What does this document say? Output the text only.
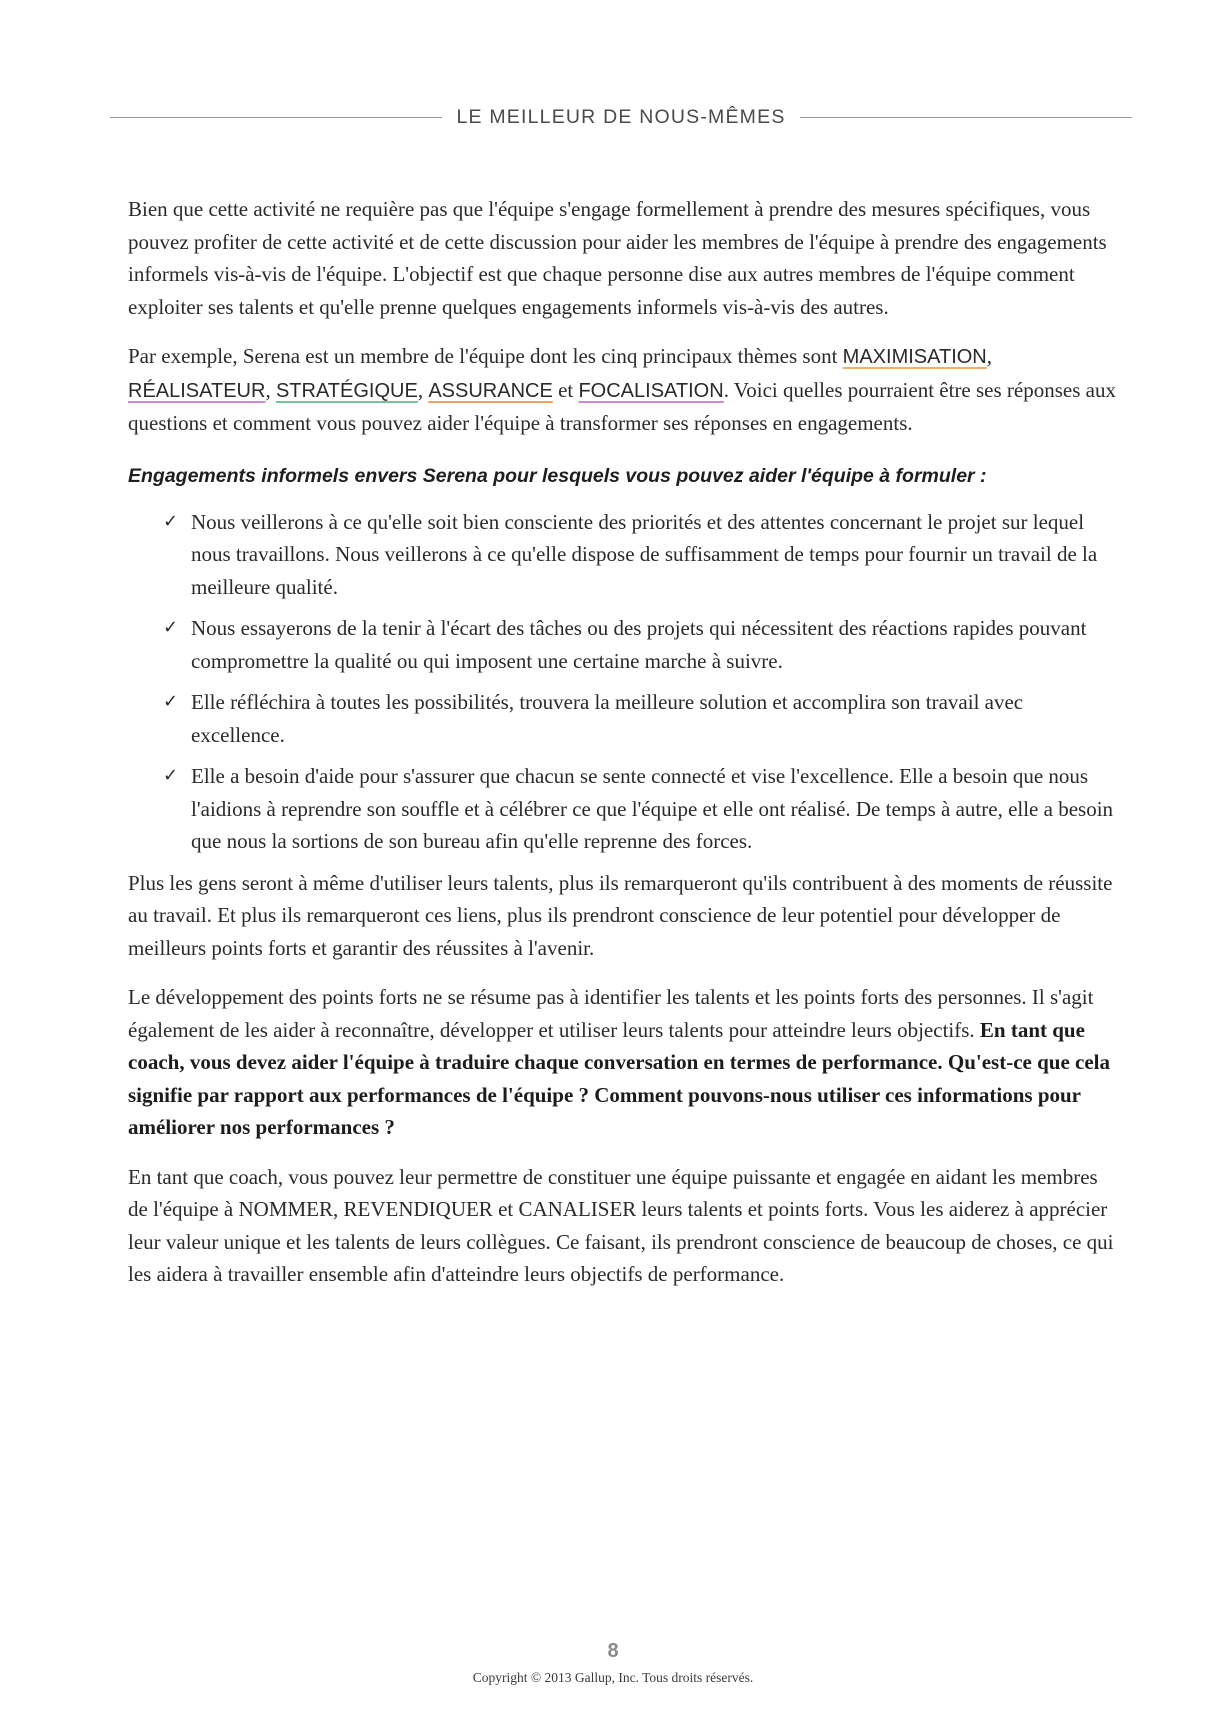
LE MEILLEUR DE NOUS-MÊMES

Bien que cette activité ne requière pas que l'équipe s'engage formellement à prendre des mesures spécifiques, vous pouvez profiter de cette activité et de cette discussion pour aider les membres de l'équipe à prendre des engagements informels vis-à-vis de l'équipe. L'objectif est que chaque personne dise aux autres membres de l'équipe comment exploiter ses talents et qu'elle prenne quelques engagements informels vis-à-vis des autres.

Par exemple, Serena est un membre de l'équipe dont les cinq principaux thèmes sont MAXIMISATION, RÉALISATEUR, STRATÉGIQUE, ASSURANCE et FOCALISATION. Voici quelles pourraient être ses réponses aux questions et comment vous pouvez aider l'équipe à transformer ses réponses en engagements.

Engagements informels envers Serena pour lesquels vous pouvez aider l'équipe à formuler :
✓ Nous veillerons à ce qu'elle soit bien consciente des priorités et des attentes concernant le projet sur lequel nous travaillons. Nous veillerons à ce qu'elle dispose de suffisamment de temps pour fournir un travail de la meilleure qualité.
✓ Nous essayerons de la tenir à l'écart des tâches ou des projets qui nécessitent des réactions rapides pouvant compromettre la qualité ou qui imposent une certaine marche à suivre.
✓ Elle réfléchira à toutes les possibilités, trouvera la meilleure solution et accomplira son travail avec excellence.
✓ Elle a besoin d'aide pour s'assurer que chacun se sente connecté et vise l'excellence. Elle a besoin que nous l'aidions à reprendre son souffle et à célébrer ce que l'équipe et elle ont réalisé. De temps à autre, elle a besoin que nous la sortions de son bureau afin qu'elle reprenne des forces.

Plus les gens seront à même d'utiliser leurs talents, plus ils remarqueront qu'ils contribuent à des moments de réussite au travail. Et plus ils remarqueront ces liens, plus ils prendront conscience de leur potentiel pour développer de meilleurs points forts et garantir des réussites à l'avenir.

Le développement des points forts ne se résume pas à identifier les talents et les points forts des personnes. Il s'agit également de les aider à reconnaître, développer et utiliser leurs talents pour atteindre leurs objectifs. En tant que coach, vous devez aider l'équipe à traduire chaque conversation en termes de performance. Qu'est-ce que cela signifie par rapport aux performances de l'équipe ? Comment pouvons-nous utiliser ces informations pour améliorer nos performances ?

En tant que coach, vous pouvez leur permettre de constituer une équipe puissante et engagée en aidant les membres de l'équipe à NOMMER, REVENDIQUER et CANALISER leurs talents et points forts. Vous les aiderez à apprécier leur valeur unique et les talents de leurs collègues. Ce faisant, ils prendront conscience de beaucoup de choses, ce qui les aidera à travailler ensemble afin d'atteindre leurs objectifs de performance.

8
Copyright © 2013 Gallup, Inc. Tous droits réservés.
